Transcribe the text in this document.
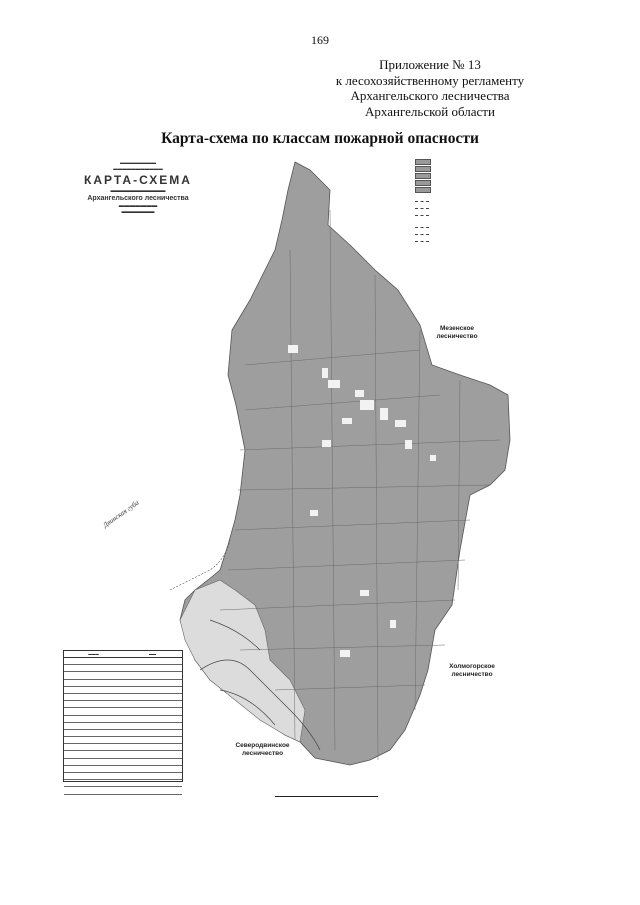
169
Приложение № 13
к лесохозяйственному регламенту
Архангельского лесничества
Архангельской области
Карта-схема по классам пожарной опасности
▬▬▬▬▬▬▬▬
▬▬▬▬▬▬▬▬▬▬▬
КАРТА-СХЕМА
▬▬▬▬▬▬▬▬▬▬
Архангельского лесничества
▬▬▬▬▬▬▬
▬▬▬▬▬▬
Мезенское лесничество
Холмогорское лесничество
Северодвинское лесничество
Двинская губа
▬▬▬	▬▬
